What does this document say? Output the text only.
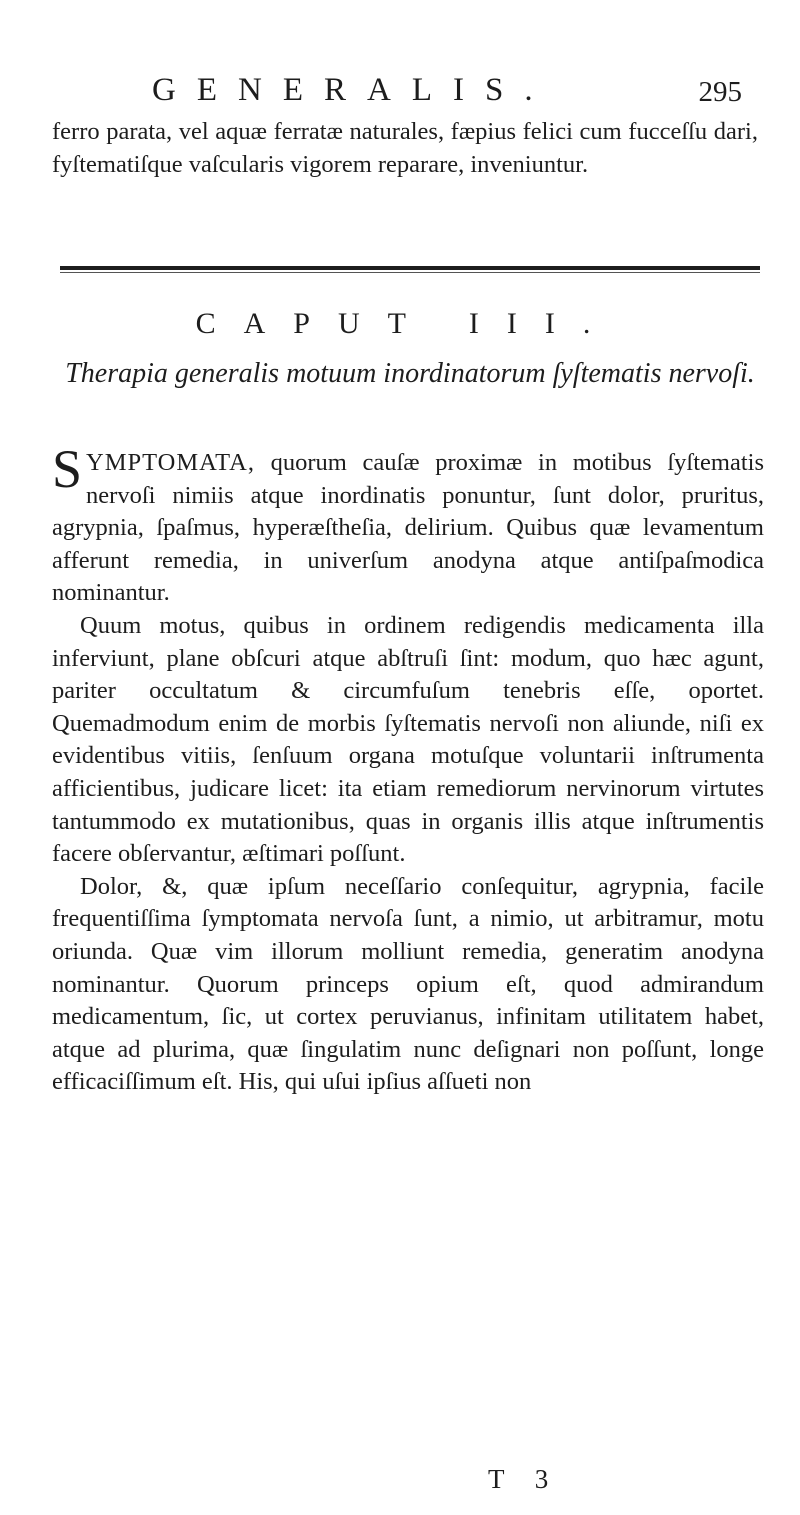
GENERALIS.	295

ferro parata, vel aquæ ferratæ naturales, fæpius felici cum fucceſſu dari, fyſtematiſque vaſcularis vigorem reparare, inveniuntur.

CAPUT III.
Therapia generalis motuum inordinatorum ſyſtematis nervoſi.

SYMPTOMATA, quorum cauſæ proximæ in motibus ſyſtematis nervoſi nimiis atque inordinatis ponuntur, ſunt dolor, pruritus, agrypnia, ſpaſmus, hyperæſtheſia, delirium. Quibus quæ levamentum afferunt remedia, in univerſum anodyna atque antiſpaſmodica nominantur.

Quum motus, quibus in ordinem redigendis medicamenta illa inferviunt, plane obſcuri atque abſtruſi ſint: modum, quo hæc agunt, pariter occultatum & circumfuſum tenebris eſſe, oportet. Quemadmodum enim de morbis ſyſtematis nervoſi non aliunde, niſi ex evidentibus vitiis, ſenſuum organa motuſque voluntarii inſtrumenta afficientibus, judicare licet: ita etiam remediorum nervinorum virtutes tantummodo ex mutationibus, quas in organis illis atque inſtrumentis facere obſervantur, æſtimari poſſunt.

Dolor, &, quæ ipſum neceſſario conſequitur, agrypnia, facile frequentiſſima ſymptomata nervoſa ſunt, a nimio, ut arbitramur, motu oriunda. Quæ vim illorum molliunt remedia, generatim anodyna nominantur. Quorum princeps opium eſt, quod admirandum medicamentum, ſic, ut cortex peruvianus, infinitam utilitatem habet, atque ad plurima, quæ ſingulatim nunc deſignari non poſſunt, longe efficaciſſimum eſt. His, qui uſui ipſius aſſueti non

T 3
